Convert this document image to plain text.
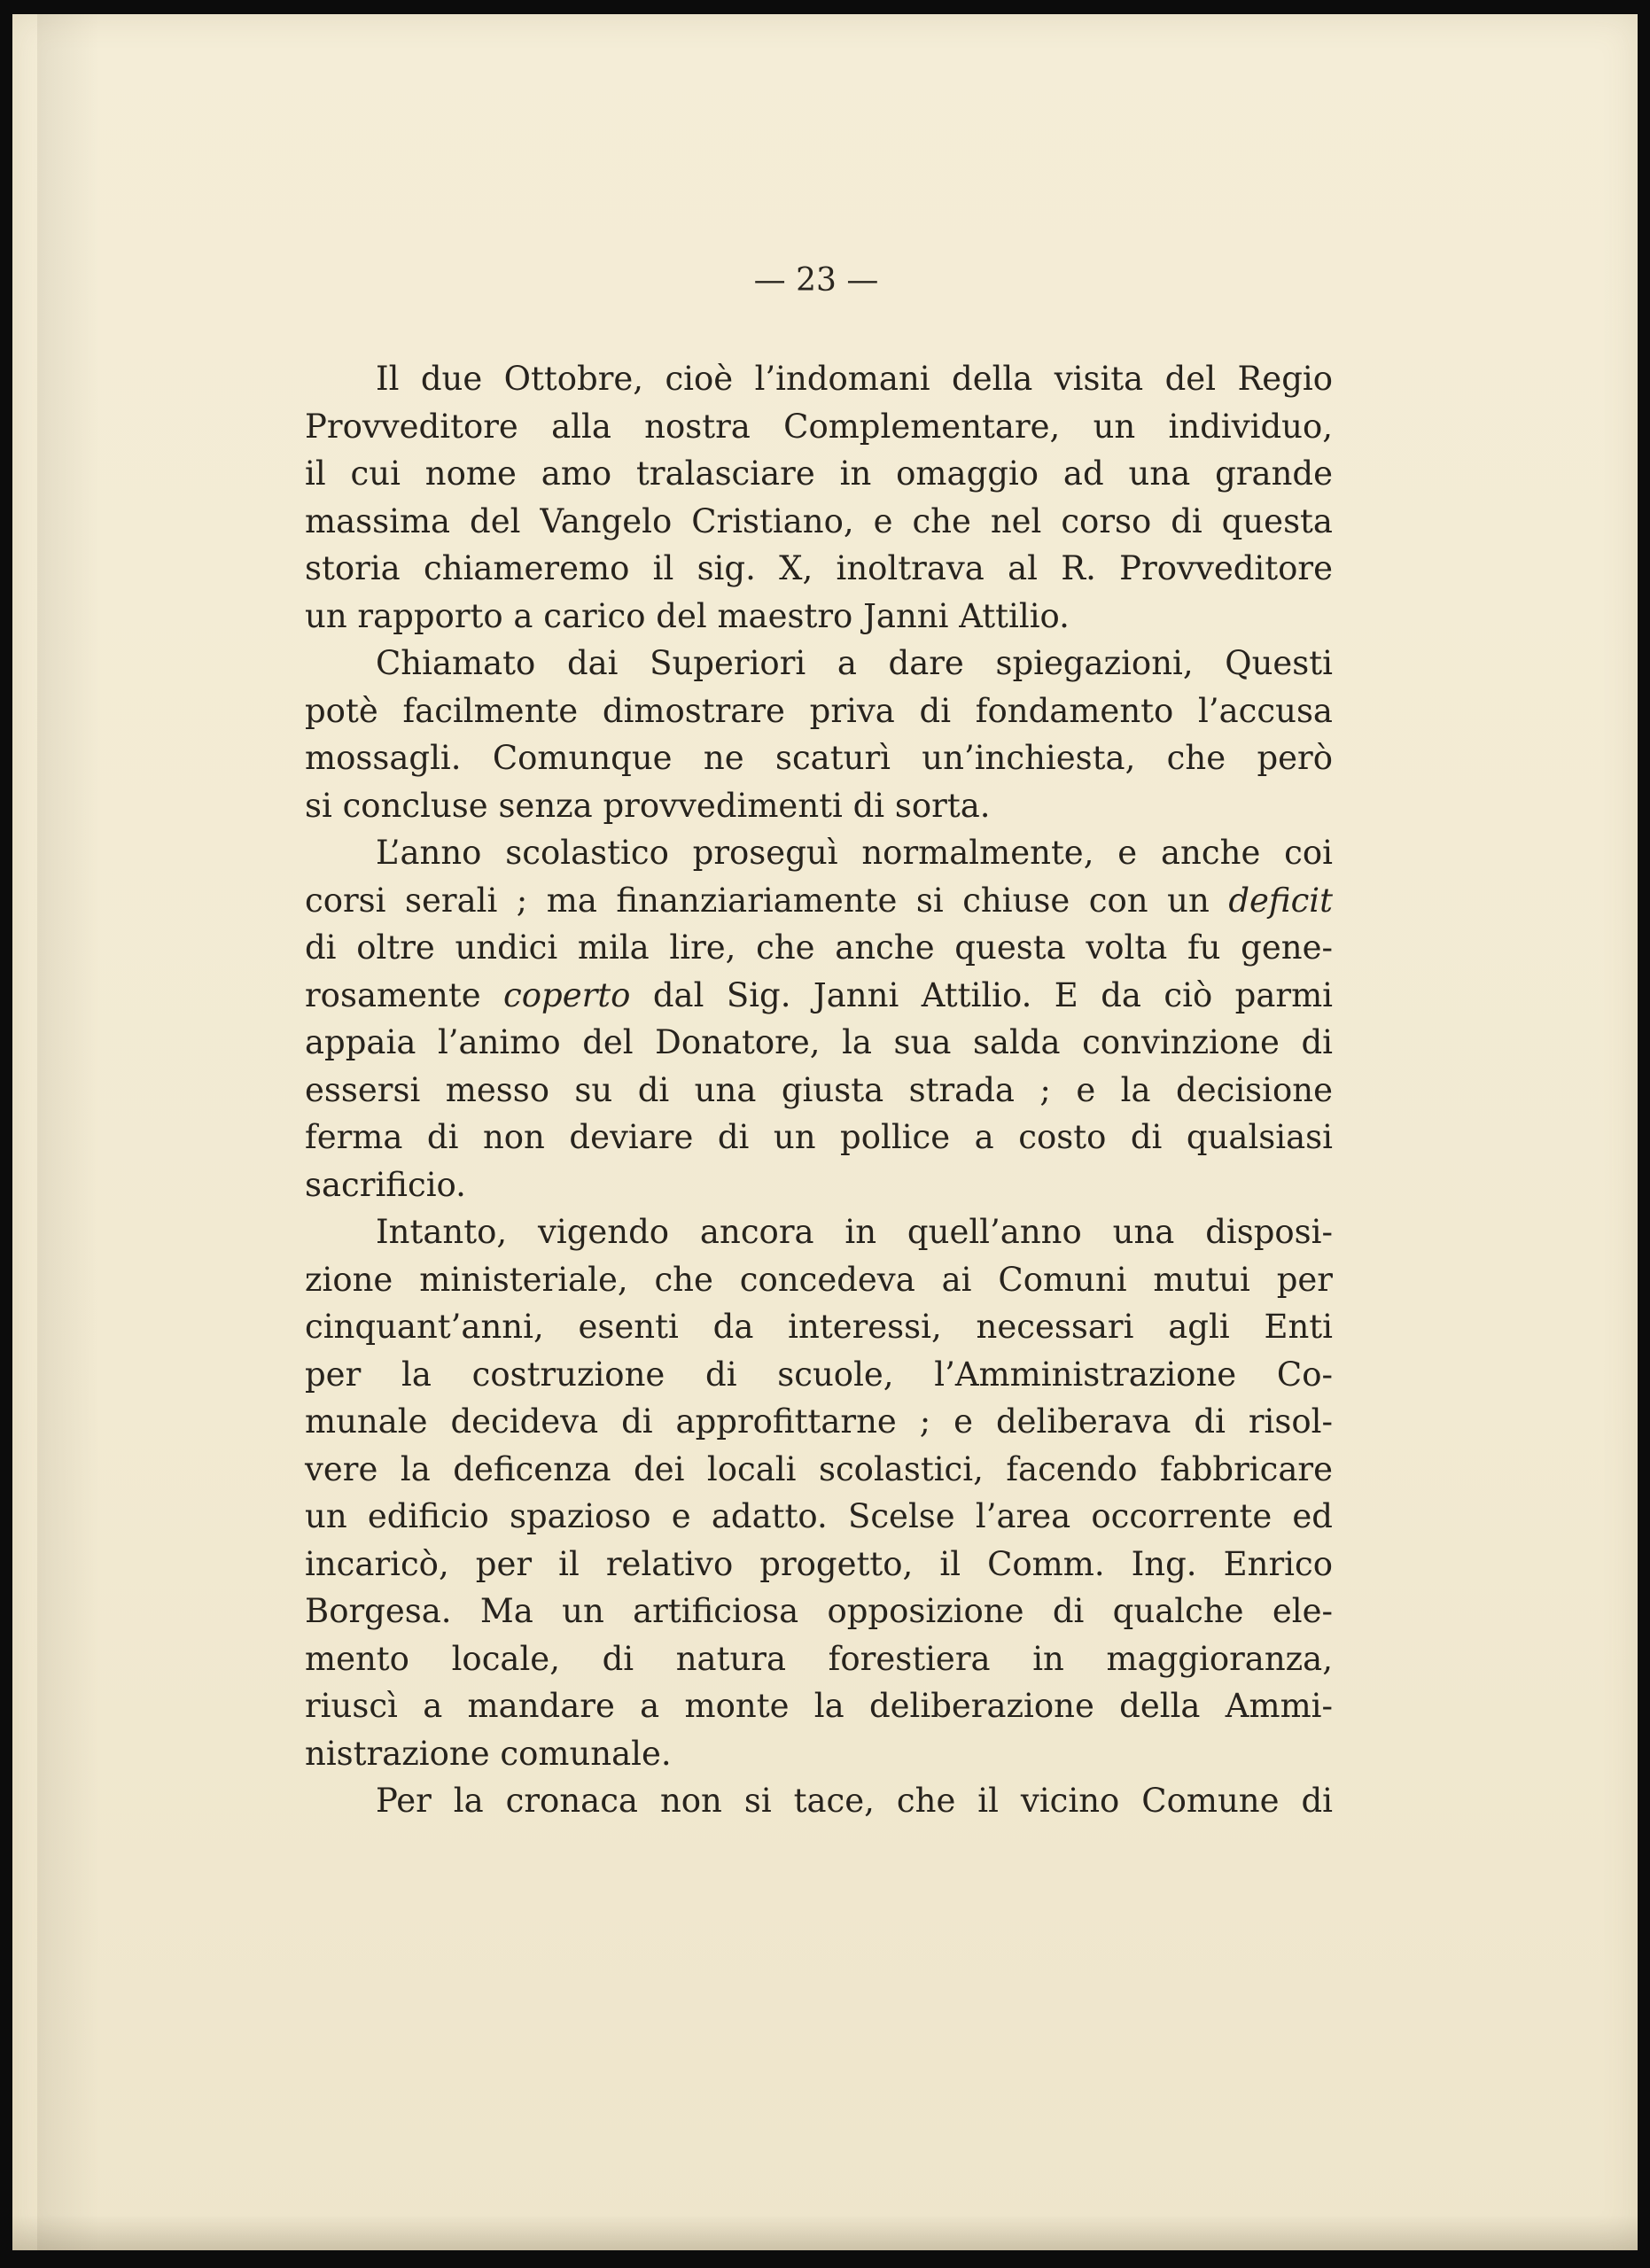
— 23 —
Il due Ottobre, cioè l’indomani della visita del Regio
Provveditore alla nostra Complementare, un individuo,
il cui nome amo tralasciare in omaggio ad una grande
massima del Vangelo Cristiano, e che nel corso di questa
storia chiameremo il sig. X, inoltrava al R. Provveditore
un rapporto a carico del maestro Janni Attilio.
Chiamato dai Superiori a dare spiegazioni, Questi
potè facilmente dimostrare priva di fondamento l’accusa
mossagli. Comunque ne scaturì un’inchiesta, che però
si concluse senza provvedimenti di sorta.
L’anno scolastico proseguì normalmente, e anche coi
corsi serali ; ma finanziariamente si chiuse con un deficit
di oltre undici mila lire, che anche questa volta fu gene-
rosamente coperto dal Sig. Janni Attilio. E da ciò parmi
appaia l’animo del Donatore, la sua salda convinzione di
essersi messo su di una giusta strada ; e la decisione
ferma di non deviare di un pollice a costo di qualsiasi
sacrificio.
Intanto, vigendo ancora in quell’anno una disposi-
zione ministeriale, che concedeva ai Comuni mutui per
cinquant’anni, esenti da interessi, necessari agli Enti
per la costruzione di scuole, l’Amministrazione Co-
munale decideva di approfittarne ; e deliberava di risol-
vere la deficenza dei locali scolastici, facendo fabbricare
un edificio spazioso e adatto. Scelse l’area occorrente ed
incaricò, per il relativo progetto, il Comm. Ing. Enrico
Borgesa. Ma un artificiosa opposizione di qualche ele-
mento locale, di natura forestiera in maggioranza,
riuscì a mandare a monte la deliberazione della Ammi-
nistrazione comunale.
Per la cronaca non si tace, che il vicino Comune di
